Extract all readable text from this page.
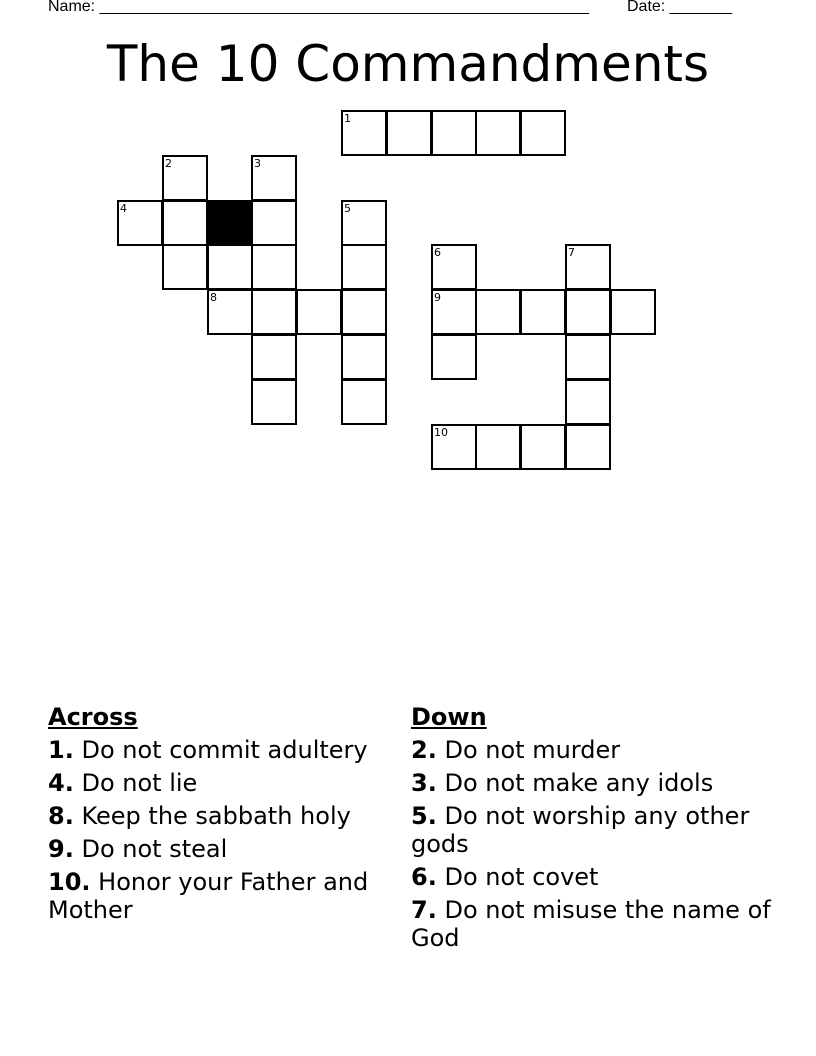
Name: _______________________________________________________ Date: _______
The 10 Commandments
1
2	3
4	5
6	7
8	9
10
Across
1. Do not commit adultery
4. Do not lie
8. Keep the sabbath holy
9. Do not steal
10. Honor your Father and Mother
Down
2. Do not murder
3. Do not make any idols
5. Do not worship any other gods
6. Do not covet
7. Do not misuse the name of God
